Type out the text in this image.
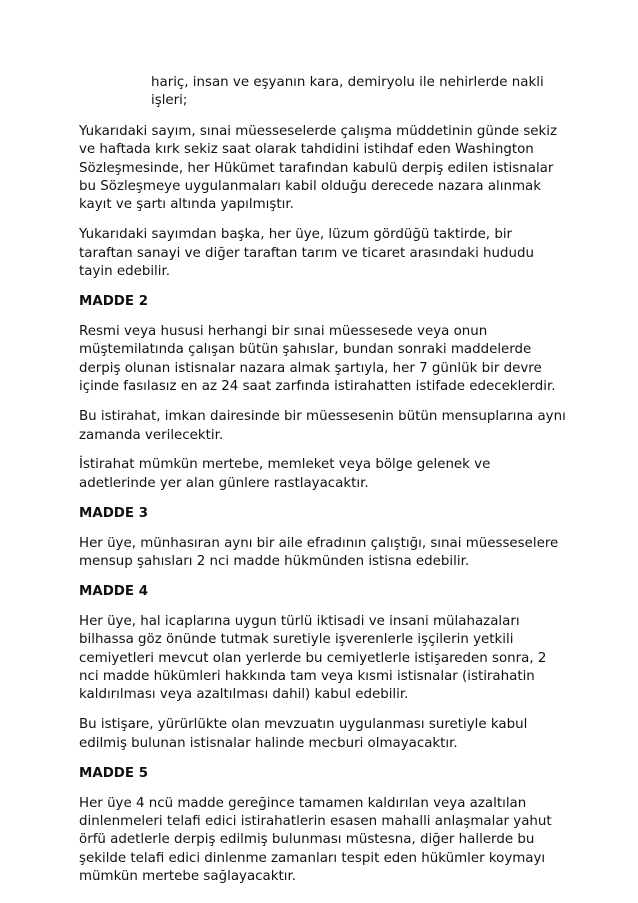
hariç, insan ve eşyanın kara, demiryolu ile nehirlerde nakli işleri;

Yukarıdaki sayım, sınai müesseselerde çalışma müddetinin günde sekiz ve haftada kırk sekiz saat olarak tahdidini istihdaf eden Washington Sözleşmesinde, her Hükümet tarafından kabulü derpiş edilen istisnalar bu Sözleşmeye uygulanmaları kabil olduğu derecede nazara alınmak kayıt ve şartı altında yapılmıştır.

Yukarıdaki sayımdan başka, her üye, lüzum gördüğü taktirde, bir taraftan sanayi ve diğer taraftan tarım ve ticaret arasındaki hududu tayin edebilir.

MADDE 2

Resmi veya hususi herhangi bir sınai müessesede veya onun müştemilatında çalışan bütün şahıslar, bundan sonraki maddelerde derpiş olunan istisnalar nazara almak şartıyla, her 7 günlük bir devre içinde fasılasız en az 24 saat zarfında istirahatten istifade edeceklerdir.

Bu istirahat, imkan dairesinde bir müessesenin bütün mensuplarına aynı zamanda verilecektir.

İstirahat mümkün mertebe, memleket veya bölge gelenek ve adetlerinde yer alan günlere rastlayacaktır.

MADDE 3

Her üye, münhasıran aynı bir aile efradının çalıştığı, sınai müesseselere mensup şahısları 2 nci madde hükmünden istisna edebilir.

MADDE 4

Her üye, hal icaplarına uygun türlü iktisadi ve insani mülahazaları bilhassa göz önünde tutmak suretiyle işverenlerle işçilerin yetkili cemiyetleri mevcut olan yerlerde bu cemiyetlerle istişareden sonra, 2 nci madde hükümleri hakkında tam veya kısmi istisnalar (istirahatin kaldırılması veya azaltılması dahil) kabul edebilir.

Bu istişare, yürürlükte olan mevzuatın uygulanması suretiyle kabul edilmiş bulunan istisnalar halinde mecburi olmayacaktır.

MADDE 5

Her üye 4 ncü madde gereğince tamamen kaldırılan veya azaltılan dinlenmeleri telafi edici istirahatlerin esasen mahalli anlaşmalar yahut örfü adetlerle derpiş edilmiş bulunması müstesna, diğer hallerde bu şekilde telafi edici dinlenme zamanları tespit eden hükümler koymayı mümkün mertebe sağlayacaktır.
